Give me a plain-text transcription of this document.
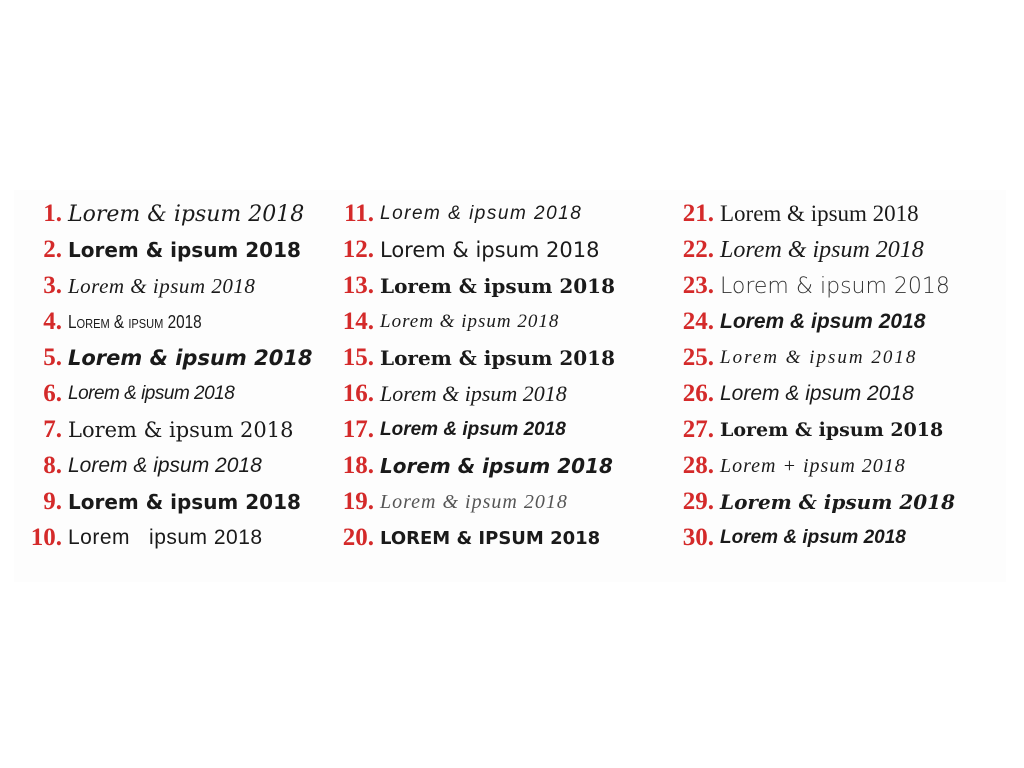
1. Lorem & ipsum 2018
2. Lorem & ipsum 2018
3. Lorem & ipsum 2018
4. Lorem & ipsum 2018
5. Lorem & ipsum 2018
6. Lorem & ipsum 2018
7. Lorem & ipsum 2018
8. Lorem & ipsum 2018
9. Lorem & ipsum 2018
10. Lorem   ipsum 2018
11. Lorem & ipsum 2018
12. Lorem & ipsum 2018
13. Lorem & ipsum 2018
14. Lorem & ipsum 2018
15. Lorem & ipsum 2018
16. Lorem & ipsum 2018
17. Lorem & ipsum 2018
18. Lorem & ipsum 2018
19. Lorem & ipsum 2018
20. LOREM & IPSUM 2018
21. Lorem & ipsum 2018
22. Lorem & ipsum 2018
23. Lorem & ipsum 2018
24. Lorem & ipsum 2018
25. Lorem & ipsum 2018
26. Lorem & ipsum 2018
27. Lorem & ipsum 2018
28. Lorem + ipsum 2018
29. Lorem & ipsum 2018
30. Lorem & ipsum 2018
